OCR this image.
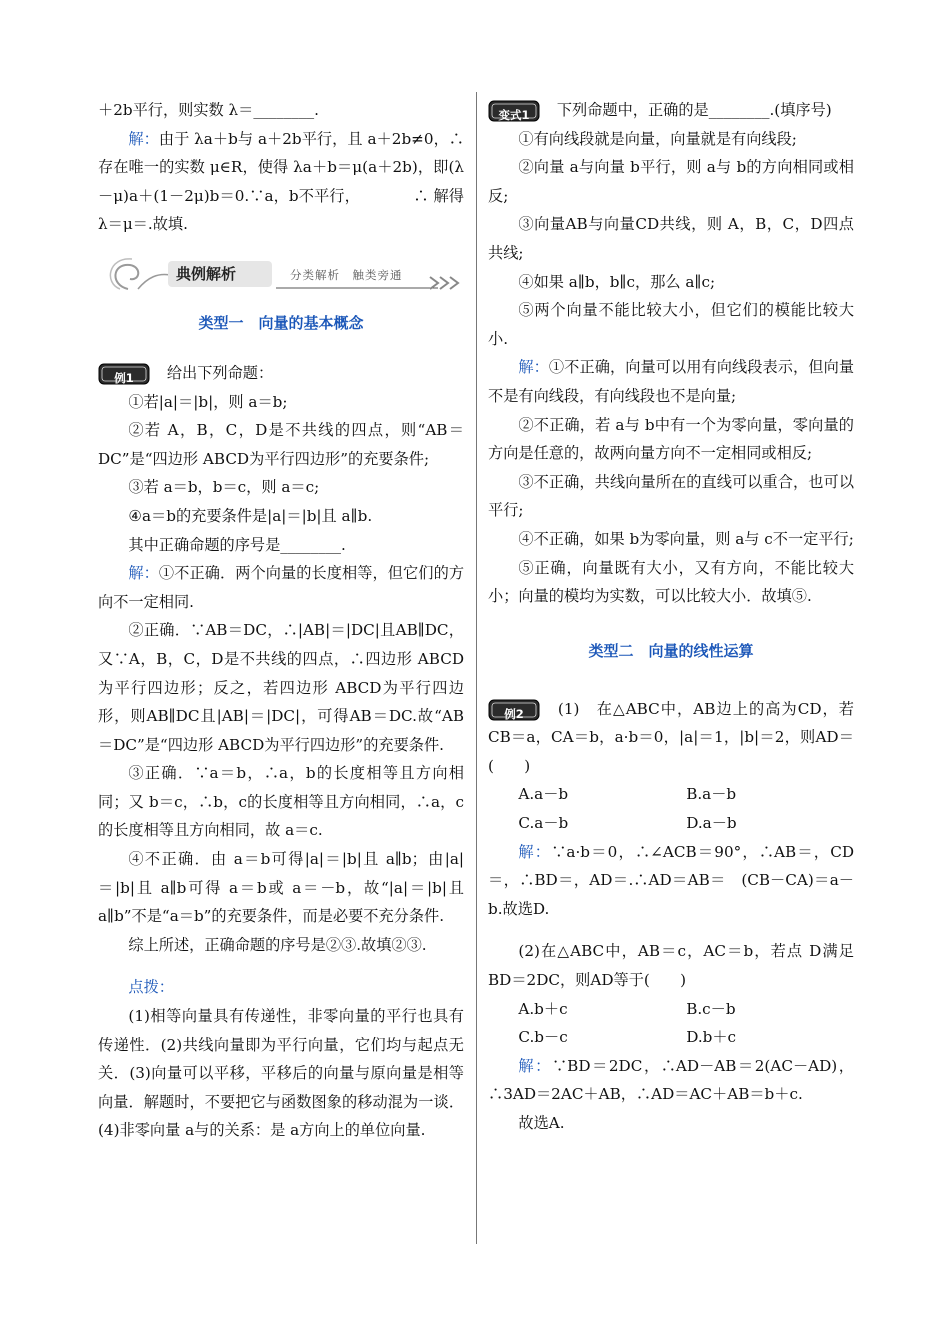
＋2b平行，则实数 λ＝________.

解：由于 λa＋b与 a＋2b平行，且 a＋2b≠0，∴存在唯一的实数 μ∈R，使得 λa＋b＝μ(a＋2b)，即(λ－μ)a＋(1－2μ)b＝0.∵a，b不平行，　　　　∴ 解得 λ＝μ＝.故填.

典例解析	分类解析　触类旁通
类型一　向量的基本概念

例1	给出下列命题：

①若|a|＝|b|，则 a＝b;

②若 A，B，C，D是不共线的四点，则“AB＝DC”是“四边形 ABCD为平行四边形”的充要条件;

③若 a＝b，b＝c，则 a＝c;

④a＝b的充要条件是|a|＝|b|且 a∥b.

其中正确命题的序号是________.

解：①不正确．两个向量的长度相等，但它们的方向不一定相同.

②正确．∵AB＝DC，∴|AB|＝|DC|且AB∥DC，又∵A，B，C，D是不共线的四点，∴四边形 ABCD为平行四边形；反之，若四边形 ABCD为平行四边形，则AB∥DC且|AB|＝|DC|，可得AB＝DC.故“AB＝DC”是“四边形 ABCD为平行四边形”的充要条件.

③正确．∵a＝b，∴a，b的长度相等且方向相同；又 b＝c，∴b，c的长度相等且方向相同，∴a，c的长度相等且方向相同，故 a＝c.

④不正确．由 a＝b可得|a|＝|b|且 a∥b；由|a|＝|b|且 a∥b可得 a＝b或 a＝－b，故“|a|＝|b|且 a∥b”不是“a＝b”的充要条件，而是必要不充分条件.

综上所述，正确命题的序号是②③.故填②③.

点拨：

(1)相等向量具有传递性，非零向量的平行也具有传递性．(2)共线向量即为平行向量，它们均与起点无关．(3)向量可以平移，平移后的向量与原向量是相等向量．解题时，不要把它与函数图象的移动混为一谈．(4)非零向量 a与的关系：是 a方向上的单位向量.

变式1	下列命题中，正确的是________.(填序号)

①有向线段就是向量，向量就是有向线段;

②向量 a与向量 b平行，则 a与 b的方向相同或相反;

③向量AB与向量CD共线，则 A，B，C，D四点共线;

④如果 a∥b，b∥c，那么 a∥c;

⑤两个向量不能比较大小，但它们的模能比较大小.

解：①不正确，向量可以用有向线段表示，但向量不是有向线段，有向线段也不是向量;

②不正确，若 a与 b中有一个为零向量，零向量的方向是任意的，故两向量方向不一定相同或相反;

③不正确，共线向量所在的直线可以重合，也可以平行;

④不正确，如果 b为零向量，则 a与 c不一定平行;

⑤正确，向量既有大小，又有方向，不能比较大小；向量的模均为实数，可以比较大小．故填⑤.

类型二　向量的线性运算

例2	(1)　在△ABC中，AB边上的高为CD，若CB＝a，CA＝b，a·b＝0，|a|＝1，|b|＝2，则AD＝(　　)

A.a－b	B.a－b

C.a－b	D.a－b

解：∵a·b＝0，∴∠ACB＝90°，∴AB＝，CD＝，∴BD＝，AD＝.∴AD＝AB＝　(CB－CA)＝a－b.故选D.

(2)在△ABC中，AB＝c，AC＝b，若点 D满足BD＝2DC，则AD等于(　　)

A.b＋c	B.c－b

C.b－c	D.b＋c

解：∵BD＝2DC，∴AD－AB＝2(AC－AD)，∴3AD＝2AC＋AB，∴AD＝AC＋AB＝b＋c.

故选A.
